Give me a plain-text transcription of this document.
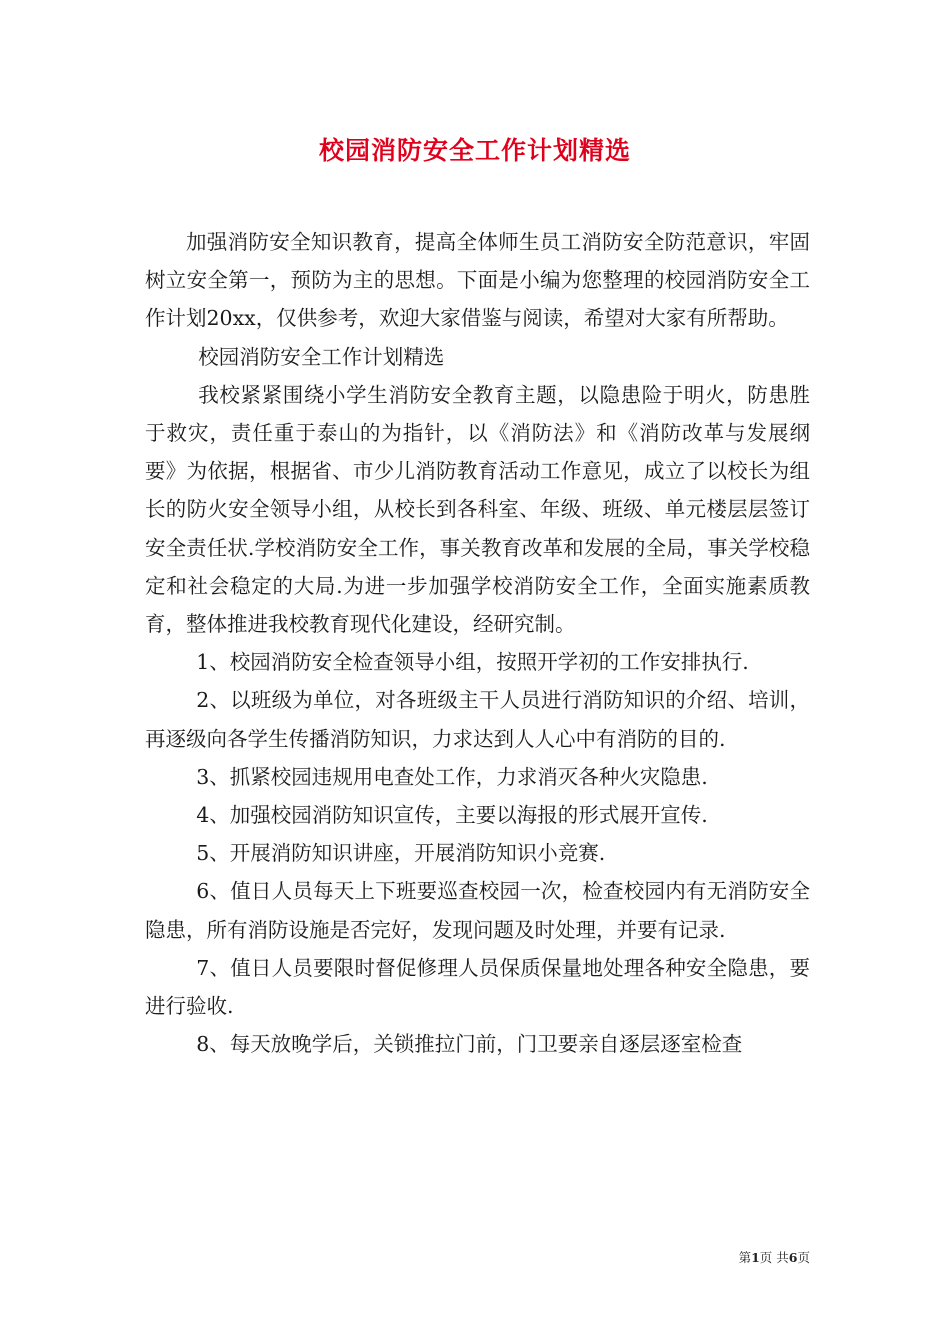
校园消防安全工作计划精选

加强消防安全知识教育，提高全体师生员工消防安全防范意识，牢固树立安全第一，预防为主的思想。下面是小编为您整理的校园消防安全工作计划20xx，仅供参考，欢迎大家借鉴与阅读，希望对大家有所帮助。

校园消防安全工作计划精选

我校紧紧围绕小学生消防安全教育主题，以隐患险于明火，防患胜于救灾，责任重于泰山的为指针，以《消防法》和《消防改革与发展纲要》为依据，根据省、市少儿消防教育活动工作意见，成立了以校长为组长的防火安全领导小组，从校长到各科室、年级、班级、单元楼层层签订安全责任状.学校消防安全工作，事关教育改革和发展的全局，事关学校稳定和社会稳定的大局.为进一步加强学校消防安全工作，全面实施素质教育，整体推进我校教育现代化建设，经研究制。

1、校园消防安全检查领导小组，按照开学初的工作安排执行.

2、以班级为单位，对各班级主干人员进行消防知识的介绍、培训，再逐级向各学生传播消防知识，力求达到人人心中有消防的目的.

3、抓紧校园违规用电查处工作，力求消灭各种火灾隐患.

4、加强校园消防知识宣传，主要以海报的形式展开宣传.

5、开展消防知识讲座，开展消防知识小竞赛.

6、值日人员每天上下班要巡查校园一次，检查校园内有无消防安全隐患，所有消防设施是否完好，发现问题及时处理，并要有记录.

7、值日人员要限时督促修理人员保质保量地处理各种安全隐患，要进行验收.

8、每天放晚学后，关锁推拉门前，门卫要亲自逐层逐室检查

第1页 共6页
